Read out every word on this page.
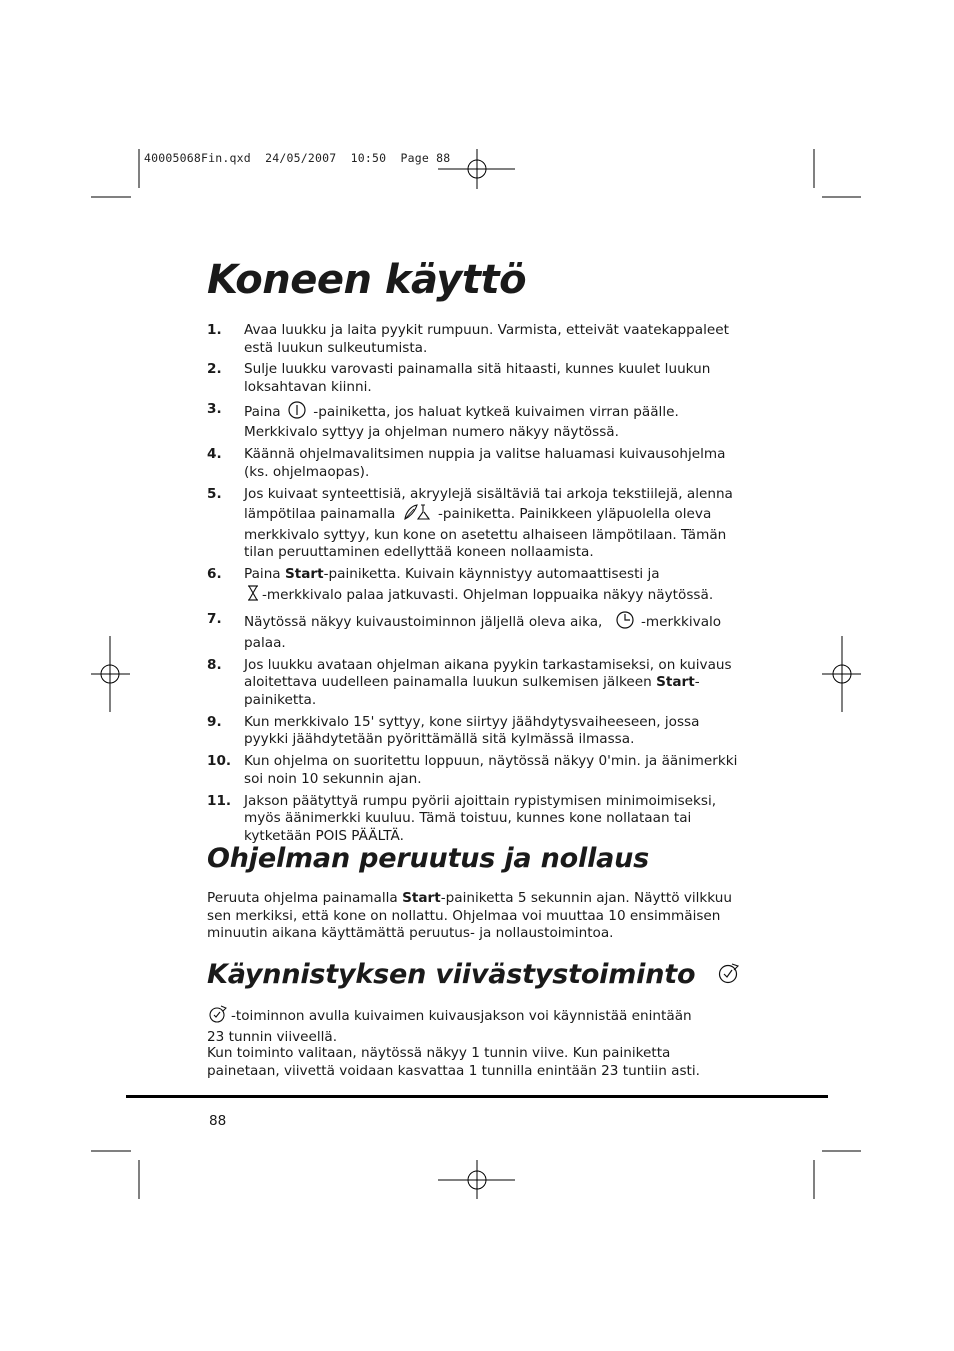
40005068Fin.qxd  24/05/2007  10:50  Page 88
Koneen käyttö
1.	Avaa luukku ja laita pyykit rumpuun. Varmista, etteivät vaatekappaleet estä luukun sulkeutumista.
2.	Sulje luukku varovasti painamalla sitä hitaasti, kunnes kuulet luukun loksahtavan kiinni.
3.	Paina -painiketta, jos haluat kytkeä kuivaimen virran päälle. Merkkivalo syttyy ja ohjelman numero näkyy näytössä.
4.	Käännä ohjelmavalitsimen nuppia ja valitse haluamasi kuivausohjelma (ks. ohjelmaopas).
5.	Jos kuivaat synteettisiä, akryylejä sisältäviä tai arkoja tekstiilejä, alenna lämpötilaa painamalla	-painiketta. Painikkeen yläpuolella oleva merkkivalo syttyy, kun kone on asetettu alhaiseen lämpötilaan. Tämän tilan peruuttaminen edellyttää koneen nollaamista.
6.	Paina Start-painiketta. Kuivain käynnistyy automaattisesti ja
-merkkivalo palaa jatkuvasti. Ohjelman loppuaika näkyy näytössä.
7.	Näytössä näkyy kuivaustoiminnon jäljellä oleva aika,	-merkkivalo palaa.
8.	Jos luukku avataan ohjelman aikana pyykin tarkastamiseksi, on kuivaus aloitettava uudelleen painamalla luukun sulkemisen jälkeen Start-painiketta.
9.	Kun merkkivalo 15' syttyy, kone siirtyy jäähdytysvaiheeseen, jossa pyykki jäähdytetään pyörittämällä sitä kylmässä ilmassa.
10. Kun ohjelma on suoritettu loppuun, näytössä näkyy 0'min. ja äänimerkki soi noin 10 sekunnin ajan.
11. Jakson päätyttyä rumpu pyörii ajoittain rypistymisen minimoimiseksi, myös äänimerkki kuuluu. Tämä toistuu, kunnes kone nollataan tai kytketään POIS PÄÄLTÄ.
Ohjelman peruutus ja nollaus
Peruuta ohjelma painamalla Start-painiketta 5 sekunnin ajan. Näyttö vilkkuu sen merkiksi, että kone on nollattu. Ohjelmaa voi muuttaa 10 ensimmäisen minuutin aikana käyttämättä peruutus- ja nollaustoimintoa.
Käynnistyksen viivästystoiminto
-toiminnon avulla kuivaimen kuivausjakson voi käynnistää enintään 23 tunnin viiveellä.
Kun toiminto valitaan, näytössä näkyy 1 tunnin viive. Kun painiketta painetaan, viivettä voidaan kasvattaa 1 tunnilla enintään 23 tuntiin asti.
88
